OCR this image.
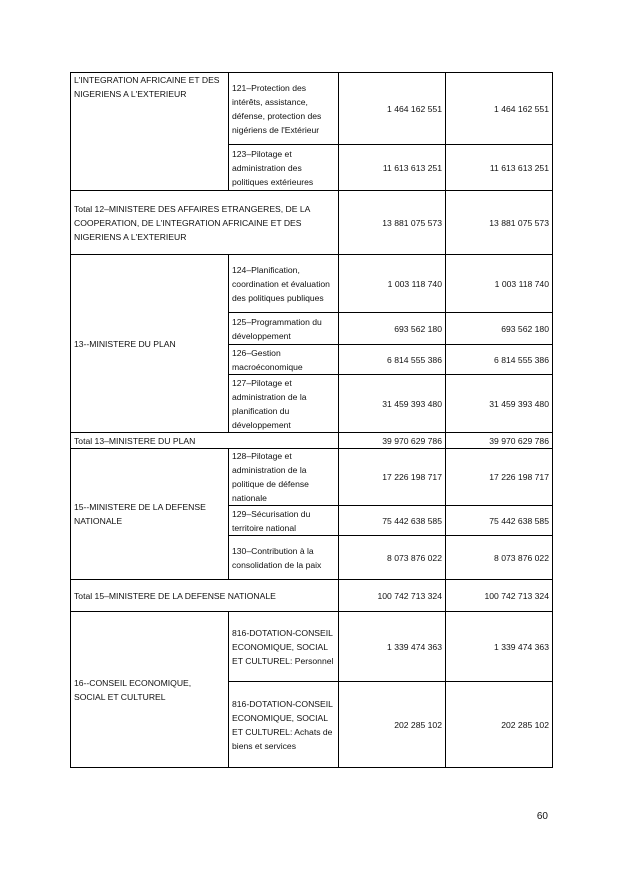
L'INTEGRATION AFRICAINE ET DES NIGERIENS A L'EXTERIEUR	121–Protection des intérêts, assistance, défense, protection des nigériens de l'Extérieur	1 464 162 551	1 464 162 551
	123–Pilotage et administration des politiques extérieures	11 613 613 251	11 613 613 251
Total 12–MINISTERE DES AFFAIRES ETRANGERES, DE LA COOPERATION, DE L'INTEGRATION AFRICAINE ET DES NIGERIENS A L'EXTERIEUR		13 881 075 573	13 881 075 573
13--MINISTERE DU PLAN	124–Planification, coordination et évaluation des politiques publiques	1 003 118 740	1 003 118 740
	125–Programmation du développement	693 562 180	693 562 180
	126–Gestion macroéconomique	6 814 555 386	6 814 555 386
	127–Pilotage et administration de la planification du développement	31 459 393 480	31 459 393 480
Total 13–MINISTERE DU PLAN		39 970 629 786	39 970 629 786
15--MINISTERE DE LA DEFENSE NATIONALE	128–Pilotage et administration de la politique de défense nationale	17 226 198 717	17 226 198 717
	129–Sécurisation du territoire national	75 442 638 585	75 442 638 585
	130–Contribution à la consolidation de la paix	8 073 876 022	8 073 876 022
Total 15–MINISTERE DE LA DEFENSE NATIONALE		100 742 713 324	100 742 713 324
16--CONSEIL ECONOMIQUE, SOCIAL ET CULTUREL	816-DOTATION-CONSEIL ECONOMIQUE, SOCIAL ET CULTUREL: Personnel	1 339 474 363	1 339 474 363
	816-DOTATION-CONSEIL ECONOMIQUE, SOCIAL ET CULTUREL: Achats de biens et services	202 285 102	202 285 102
60
